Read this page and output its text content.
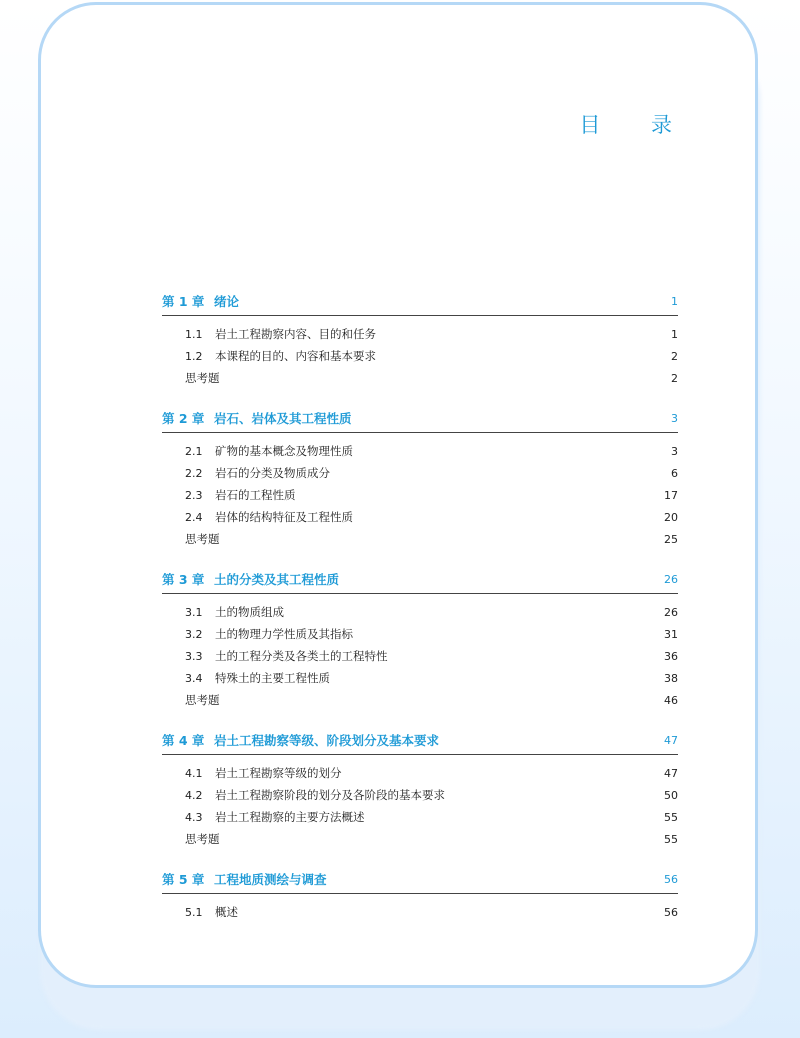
目 录
第 1 章 绪论	1
1.1	岩土工程勘察内容、目的和任务	1
1.2	本课程的目的、内容和基本要求	2
思考题	2
第 2 章 岩石、岩体及其工程性质	3
2.1	矿物的基本概念及物理性质	3
2.2	岩石的分类及物质成分	6
2.3	岩石的工程性质	17
2.4	岩体的结构特征及工程性质	20
思考题	25
第 3 章 土的分类及其工程性质	26
3.1	土的物质组成	26
3.2	土的物理力学性质及其指标	31
3.3	土的工程分类及各类土的工程特性	36
3.4	特殊土的主要工程性质	38
思考题	46
第 4 章 岩土工程勘察等级、阶段划分及基本要求	47
4.1	岩土工程勘察等级的划分	47
4.2	岩土工程勘察阶段的划分及各阶段的基本要求	50
4.3	岩土工程勘察的主要方法概述	55
思考题	55
第 5 章 工程地质测绘与调查	56
5.1	概述	56
